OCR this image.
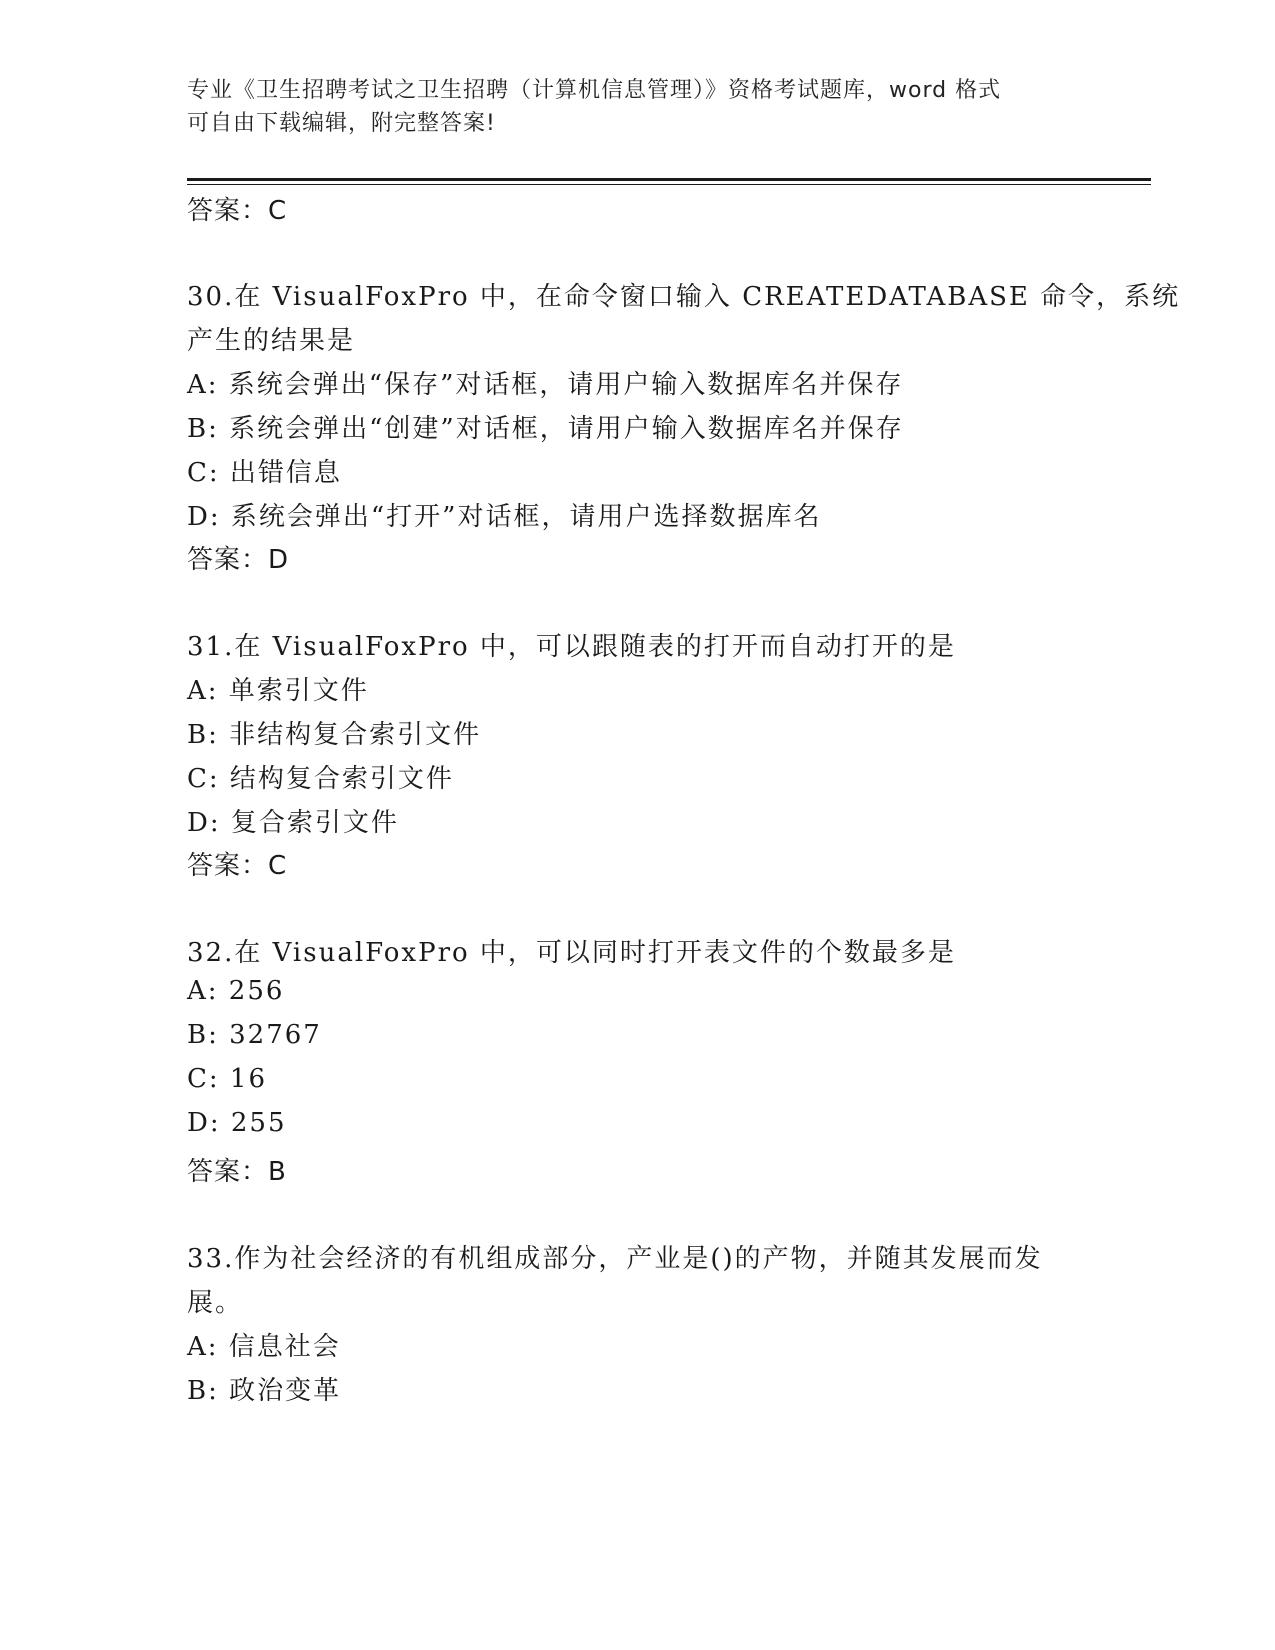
专业《卫生招聘考试之卫生招聘（计算机信息管理）》资格考试题库，word 格式
可自由下载编辑，附完整答案!
答案：C
30.在 VisualFoxPro 中，在命令窗口输入 CREATEDATABASE 命令，系统
产生的结果是
A: 系统会弹出“保存”对话框，请用户输入数据库名并保存
B: 系统会弹出“创建”对话框，请用户输入数据库名并保存
C: 出错信息
D: 系统会弹出“打开”对话框，请用户选择数据库名
答案：D
31.在 VisualFoxPro 中，可以跟随表的打开而自动打开的是
A: 单索引文件
B: 非结构复合索引文件
C: 结构复合索引文件
D: 复合索引文件
答案：C
32.在 VisualFoxPro 中，可以同时打开表文件的个数最多是
A: 256
B: 32767
C: 16
D: 255
答案：B
33.作为社会经济的有机组成部分，产业是()的产物，并随其发展而发
展。
A: 信息社会
B: 政治变革
